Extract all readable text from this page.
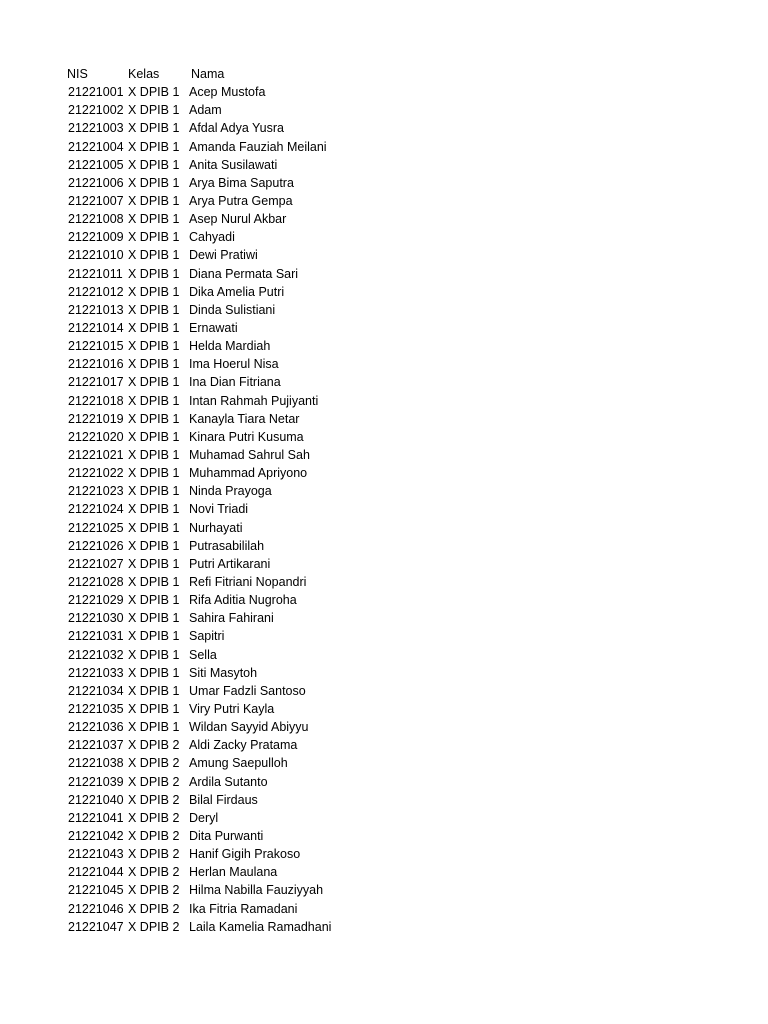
NIS	Kelas	Nama
21221001 X DPIB 1 Acep Mustofa
21221002 X DPIB 1 Adam
21221003 X DPIB 1 Afdal Adya Yusra
21221004 X DPIB 1 Amanda Fauziah Meilani
21221005 X DPIB 1 Anita Susilawati
21221006 X DPIB 1 Arya Bima Saputra
21221007 X DPIB 1 Arya Putra Gempa
21221008 X DPIB 1 Asep Nurul Akbar
21221009 X DPIB 1 Cahyadi
21221010 X DPIB 1 Dewi Pratiwi
21221011 X DPIB 1 Diana Permata Sari
21221012 X DPIB 1 Dika Amelia Putri
21221013 X DPIB 1 Dinda Sulistiani
21221014 X DPIB 1 Ernawati
21221015 X DPIB 1 Helda Mardiah
21221016 X DPIB 1 Ima Hoerul Nisa
21221017 X DPIB 1 Ina Dian Fitriana
21221018 X DPIB 1 Intan Rahmah Pujiyanti
21221019 X DPIB 1 Kanayla Tiara Netar
21221020 X DPIB 1 Kinara Putri Kusuma
21221021 X DPIB 1 Muhamad Sahrul Sah
21221022 X DPIB 1 Muhammad Apriyono
21221023 X DPIB 1 Ninda Prayoga
21221024 X DPIB 1 Novi Triadi
21221025 X DPIB 1 Nurhayati
21221026 X DPIB 1 Putrasabililah
21221027 X DPIB 1 Putri Artikarani
21221028 X DPIB 1 Refi Fitriani Nopandri
21221029 X DPIB 1 Rifa Aditia Nugroha
21221030 X DPIB 1 Sahira Fahirani
21221031 X DPIB 1 Sapitri
21221032 X DPIB 1 Sella
21221033 X DPIB 1 Siti Masytoh
21221034 X DPIB 1 Umar Fadzli Santoso
21221035 X DPIB 1 Viry Putri Kayla
21221036 X DPIB 1 Wildan Sayyid Abiyyu
21221037 X DPIB 2 Aldi Zacky Pratama
21221038 X DPIB 2 Amung Saepulloh
21221039 X DPIB 2 Ardila Sutanto
21221040 X DPIB 2 Bilal Firdaus
21221041 X DPIB 2 Deryl
21221042 X DPIB 2 Dita Purwanti
21221043 X DPIB 2 Hanif Gigih Prakoso
21221044 X DPIB 2 Herlan Maulana
21221045 X DPIB 2 Hilma Nabilla Fauziyyah
21221046 X DPIB 2 Ika Fitria Ramadani
21221047 X DPIB 2 Laila Kamelia Ramadhani
